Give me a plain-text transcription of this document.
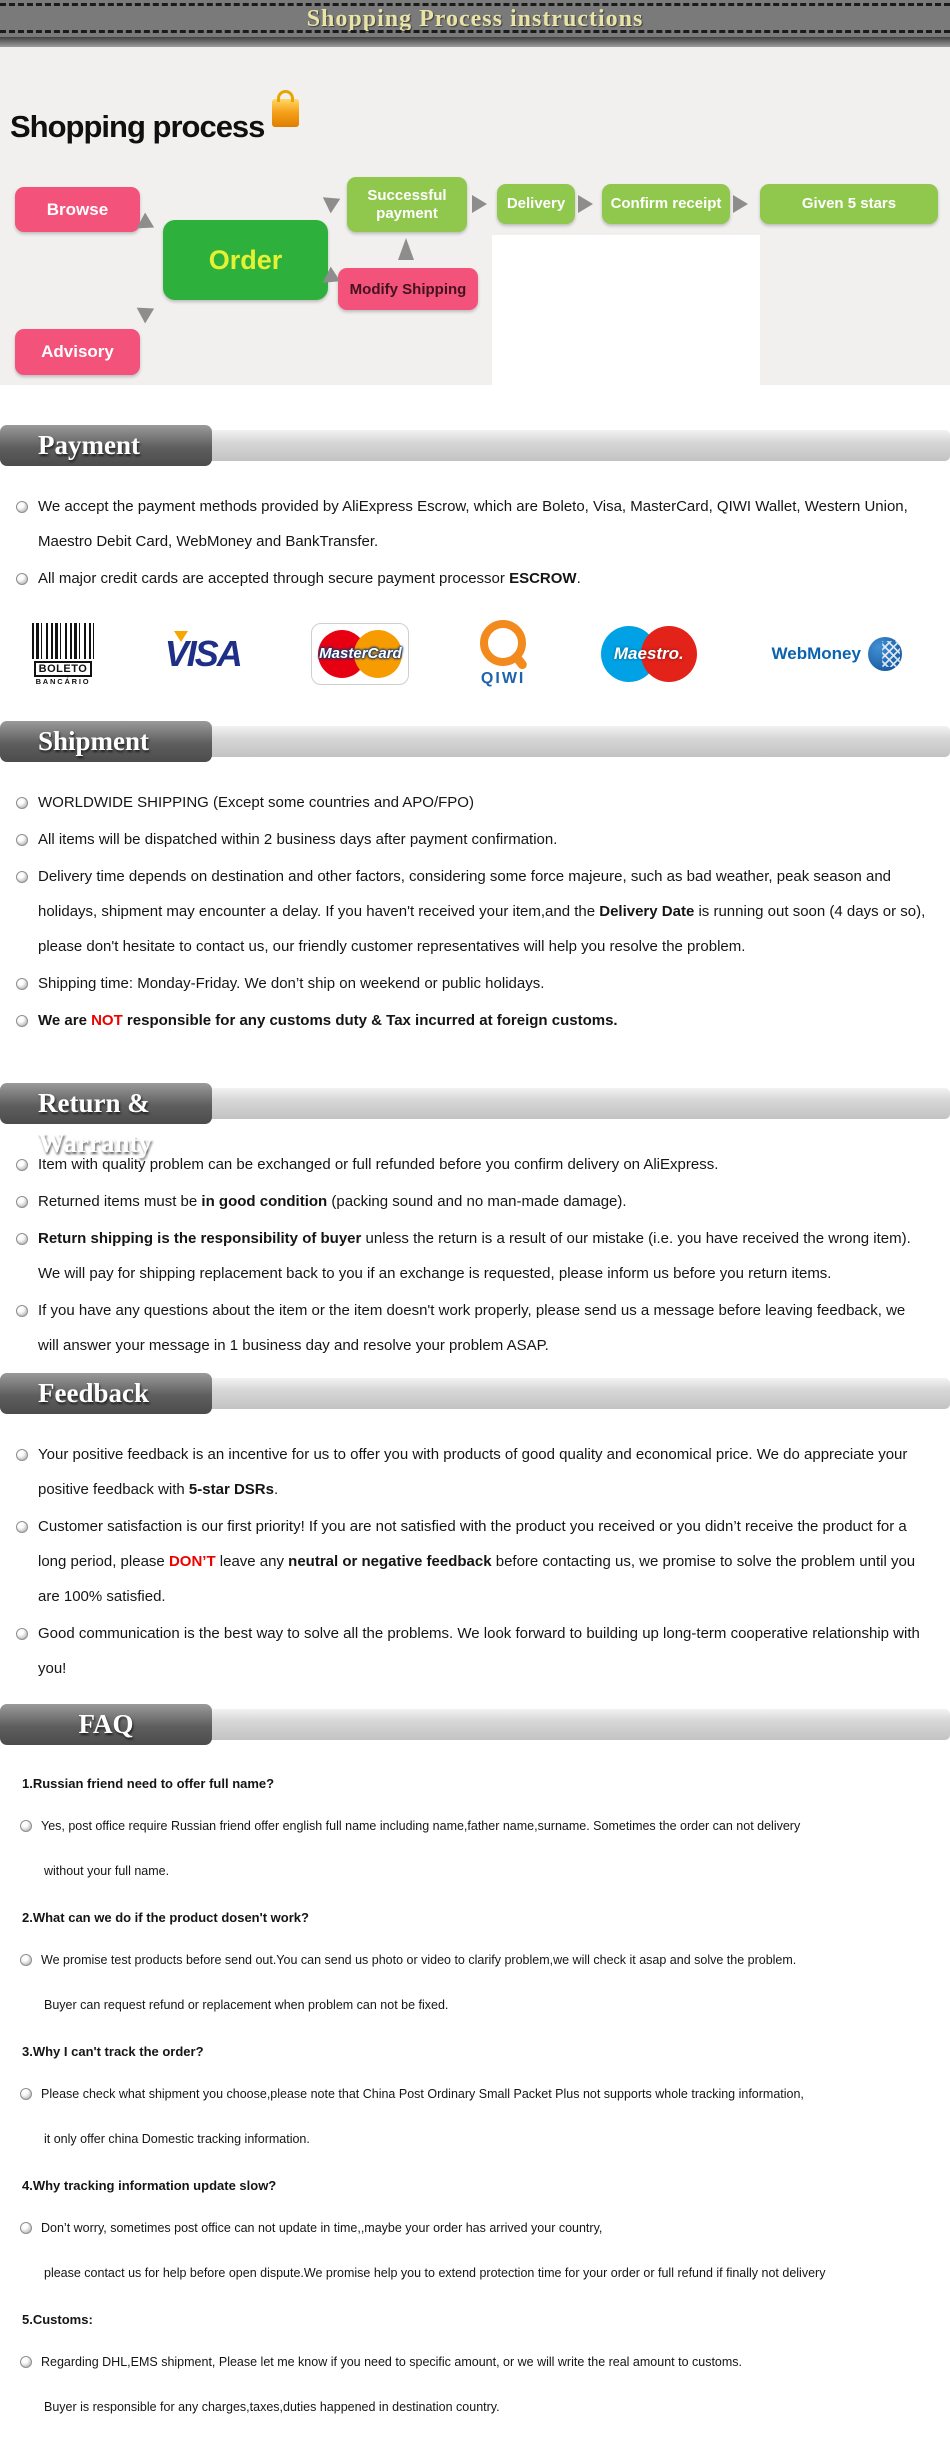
Shopping Process instructions
Shopping process
Browse
Advisory
Order
Successful payment
Modify Shipping
Delivery	Confirm receipt	Given 5 stars
Payment
We accept the payment methods provided by AliExpress Escrow, which are Boleto, Visa, MasterCard, QIWI Wallet, Western Union, Maestro Debit Card, WebMoney and BankTransfer.
All major credit cards are accepted through secure payment processor ESCROW.
BOLETO
BANCÁRIO
VISA	MasterCard
QIWI
Maestro.	WebMoney
Shipment
WORLDWIDE SHIPPING (Except some countries and APO/FPO)
All items will be dispatched within 2 business days after payment confirmation.
Delivery time depends on destination and other factors, considering some force majeure, such as bad weather, peak season and holidays, shipment may encounter a delay. If you haven't received your item,and the Delivery Date is running out soon (4 days or so), please don't hesitate to contact us, our friendly customer representatives will help you resolve the problem.
Shipping time: Monday-Friday. We don’t ship on weekend or public holidays.
We are NOT responsible for any customs duty & Tax incurred at foreign customs.
Return & Warranty
Item with quality problem can be exchanged or full refunded before you confirm delivery on AliExpress.
Returned items must be in good condition (packing sound and no man-made damage).
Return shipping is the responsibility of buyer unless the return is a result of our mistake (i.e. you have received the wrong item). We will pay for shipping replacement back to you if an exchange is requested, please inform us before you return items.
If you have any questions about the item or the item doesn't work properly, please send us a message before leaving feedback, we will answer your message in 1 business day and resolve your problem ASAP.
Feedback
Your positive feedback is an incentive for us to offer you with products of good quality and economical price. We do appreciate your positive feedback with 5-star DSRs.
Customer satisfaction is our first priority! If you are not satisfied with the product you received or you didn’t receive the product for a long period, please DON’T leave any neutral or negative feedback before contacting us, we promise to solve the problem until you are 100% satisfied.
Good communication is the best way to solve all the problems. We look forward to building up long-term cooperative relationship with you!
FAQ
1.Russian friend need to offer full name?
Yes, post office require Russian friend offer english full name including name,father name,surname. Sometimes the order can not delivery
without your full name.
2.What can we do if the product dosen't work?
We promise test products before send out.You can send us photo or video to clarify problem,we will check it asap and solve the problem.
Buyer can request refund or replacement when problem can not be fixed.
3.Why I can't track the order?
Please check what shipment you choose,please note that China Post Ordinary Small Packet Plus not supports whole tracking information,
it only offer china Domestic tracking information.
4.Why tracking information update slow?
Don’t worry, sometimes post office can not update in time,,maybe your order has arrived your country,
please contact us for help before open dispute.We promise help you to extend protection time for your order or full refund if finally not delivery
5.Customs:
Regarding DHL,EMS shipment, Please let me know if you need to specific amount, or we will write the real amount to customs.
Buyer is responsible for any charges,taxes,duties happened in destination country.
